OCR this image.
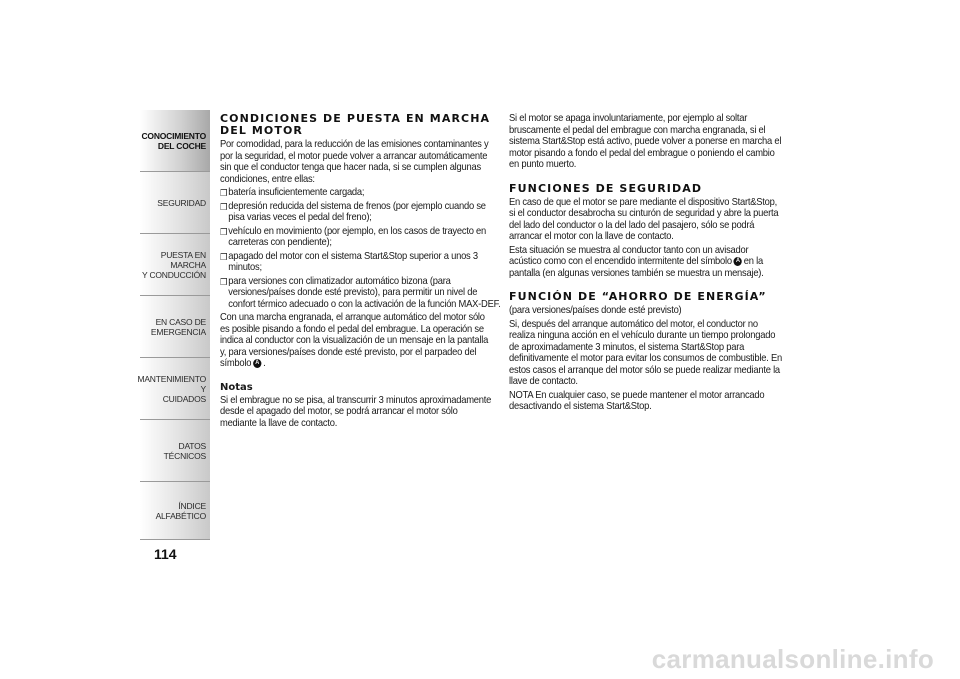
CONOCIMIENTO
DEL COCHE
SEGURIDAD
PUESTA EN MARCHA
Y CONDUCCIÓN
EN CASO DE
EMERGENCIA
MANTENIMIENTO Y
CUIDADOS
DATOS TÉCNICOS
ÍNDICE ALFABÉTICO
114
CONDICIONES DE PUESTA EN MARCHA DEL MOTOR
Por comodidad, para la reducción de las emisiones contaminantes y por la seguridad, el motor puede volver a arrancar automáticamente sin que el conductor tenga que hacer nada, si se cumplen algunas condiciones, entre ellas:
❒ batería insuficientemente cargada;
❒ depresión reducida del sistema de frenos (por ejemplo cuando se pisa varias veces el pedal del freno);
❒ vehículo en movimiento (por ejemplo, en los casos de trayecto en carreteras con pendiente);
❒ apagado del motor con el sistema Start&Stop superior a unos 3 minutos;
❒ para versiones con climatizador automático bizona (para versiones/países donde esté previsto), para permitir un nivel de confort térmico adecuado o con la activación de la función MAX-DEF.
Con una marcha engranada, el arranque automático del motor sólo es posible pisando a fondo el pedal del embrague. La operación se indica al conductor con la visualización de un mensaje en la pantalla y, para versiones/países donde esté previsto, por el parpadeo del símbolo A .
Notas
Si el embrague no se pisa, al transcurrir 3 minutos aproximadamente desde el apagado del motor, se podrá arrancar el motor sólo mediante la llave de contacto.
Si el motor se apaga involuntariamente, por ejemplo al soltar bruscamente el pedal del embrague con marcha engranada, si el sistema Start&Stop está activo, puede volver a ponerse en marcha el motor pisando a fondo el pedal del embrague o poniendo el cambio en punto muerto.
FUNCIONES DE SEGURIDAD
En caso de que el motor se pare mediante el dispositivo Start&Stop, si el conductor desabrocha su cinturón de seguridad y abre la puerta del lado del conductor o la del lado del pasajero, sólo se podrá arrancar el motor con la llave de contacto.
Esta situación se muestra al conductor tanto con un avisador acústico como con el encendido intermitente del símbolo A en la pantalla (en algunas versiones también se muestra un mensaje).
FUNCIÓN DE “AHORRO DE ENERGÍA”
(para versiones/países donde esté previsto)
Si, después del arranque automático del motor, el conductor no realiza ninguna acción en el vehículo durante un tiempo prolongado de aproximadamente 3 minutos, el sistema Start&Stop para definitivamente el motor para evitar los consumos de combustible. En estos casos el arranque del motor sólo se puede realizar mediante la llave de contacto.
NOTA En cualquier caso, se puede mantener el motor arrancado desactivando el sistema Start&Stop.
carmanualsonline.info
